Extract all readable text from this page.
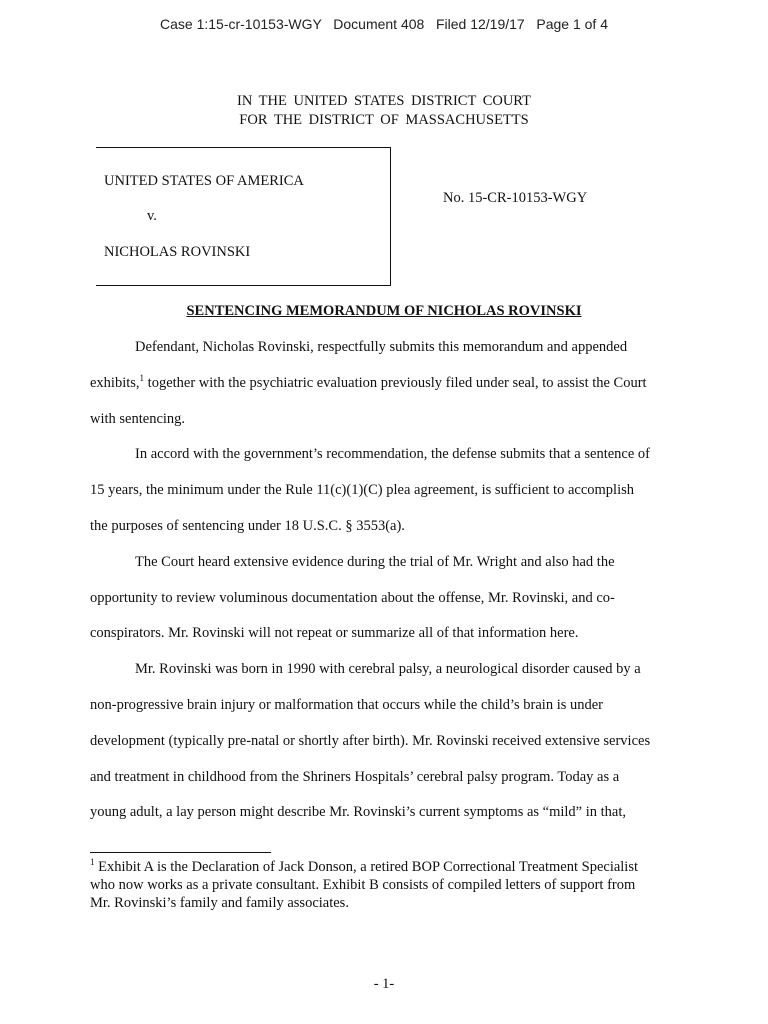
Case 1:15-cr-10153-WGY   Document 408   Filed 12/19/17   Page 1 of 4
IN THE UNITED STATES DISTRICT COURT
FOR THE DISTRICT OF MASSACHUSETTS
UNITED STATES OF AMERICA
v.
NICHOLAS ROVINSKI
No. 15-CR-10153-WGY
SENTENCING MEMORANDUM OF NICHOLAS ROVINSKI

Defendant, Nicholas Rovinski, respectfully submits this memorandum and appended
exhibits,$^1$ together with the psychiatric evaluation previously filed under seal, to assist the Court
with sentencing.

In accord with the government’s recommendation, the defense submits that a sentence of
15 years, the minimum under the Rule 11(c)(1)(C) plea agreement, is sufficient to accomplish
the purposes of sentencing under 18 U.S.C. § 3553(a).

The Court heard extensive evidence during the trial of Mr. Wright and also had the
opportunity to review voluminous documentation about the offense, Mr. Rovinski, and co-
conspirators. Mr. Rovinski will not repeat or summarize all of that information here.

Mr. Rovinski was born in 1990 with cerebral palsy, a neurological disorder caused by a
non-progressive brain injury or malformation that occurs while the child’s brain is under
development (typically pre-natal or shortly after birth). Mr. Rovinski received extensive services
and treatment in childhood from the Shriners Hospitals’ cerebral palsy program. Today as a
young adult, a lay person might describe Mr. Rovinski’s current symptoms as “mild” in that,

$^1$ Exhibit A is the Declaration of Jack Donson, a retired BOP Correctional Treatment Specialist
who now works as a private consultant. Exhibit B consists of compiled letters of support from
Mr. Rovinski’s family and family associates.
- 1-
